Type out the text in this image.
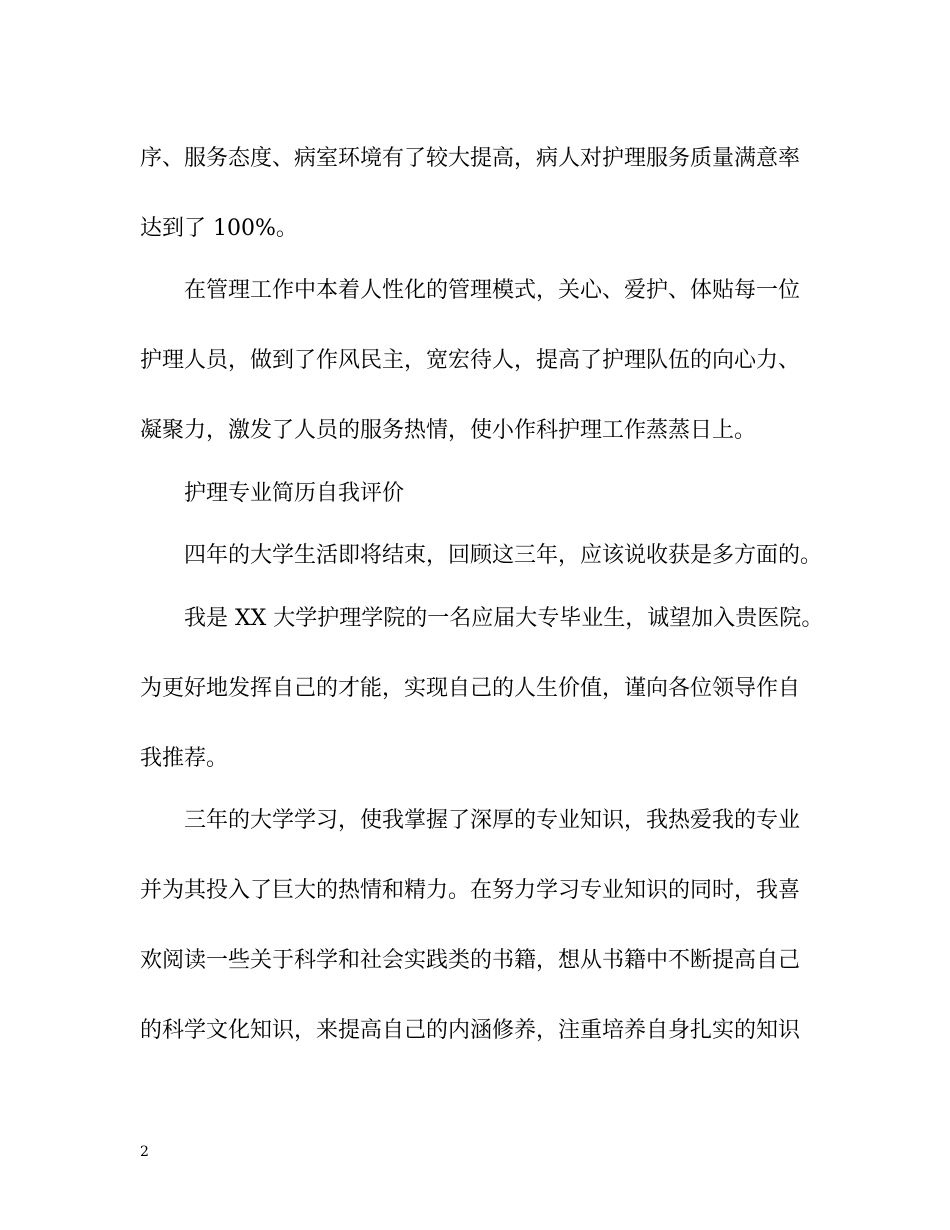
序、服务态度、病室环境有了较大提高，病人对护理服务质量满意率
达到了 100%。
在管理工作中本着人性化的管理模式，关心、爱护、体贴每一位
护理人员，做到了作风民主，宽宏待人，提高了护理队伍的向心力、
凝聚力，激发了人员的服务热情，使小作科护理工作蒸蒸日上。
护理专业简历自我评价
四年的大学生活即将结束，回顾这三年，应该说收获是多方面的。
我是 XX 大学护理学院的一名应届大专毕业生，诚望加入贵医院。
为更好地发挥自己的才能，实现自己的人生价值，谨向各位领导作自
我推荐。
三年的大学学习，使我掌握了深厚的专业知识，我热爱我的专业
并为其投入了巨大的热情和精力。在努力学习专业知识的同时，我喜
欢阅读一些关于科学和社会实践类的书籍，想从书籍中不断提高自己
的科学文化知识，来提高自己的内涵修养，注重培养自身扎实的知识
2
